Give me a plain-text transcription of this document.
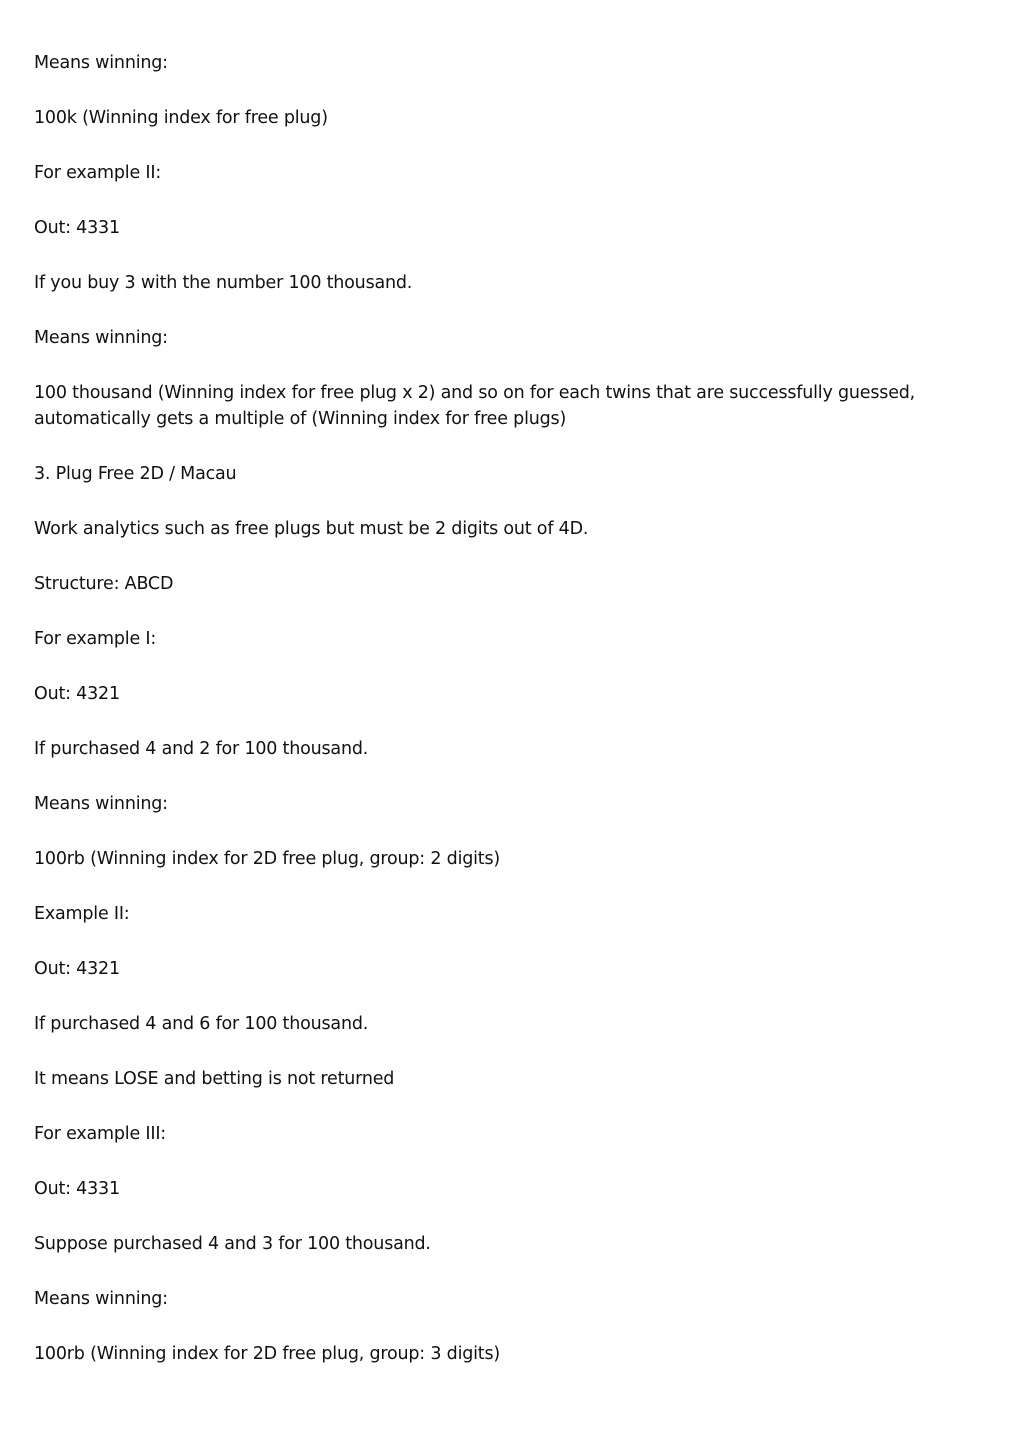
Means winning:

100k (Winning index for free plug)

For example II:

Out: 4331

If you buy 3 with the number 100 thousand.

Means winning:

100 thousand (Winning index for free plug x 2) and so on for each twins that are successfully guessed, automatically gets a multiple of (Winning index for free plugs)

3. Plug Free 2D / Macau

Work analytics such as free plugs but must be 2 digits out of 4D.

Structure: ABCD

For example I:

Out: 4321

If purchased 4 and 2 for 100 thousand.

Means winning:

100rb (Winning index for 2D free plug, group: 2 digits)

Example II:

Out: 4321

If purchased 4 and 6 for 100 thousand.

It means LOSE and betting is not returned

For example III:

Out: 4331

Suppose purchased 4 and 3 for 100 thousand.

Means winning:

100rb (Winning index for 2D free plug, group: 3 digits)
